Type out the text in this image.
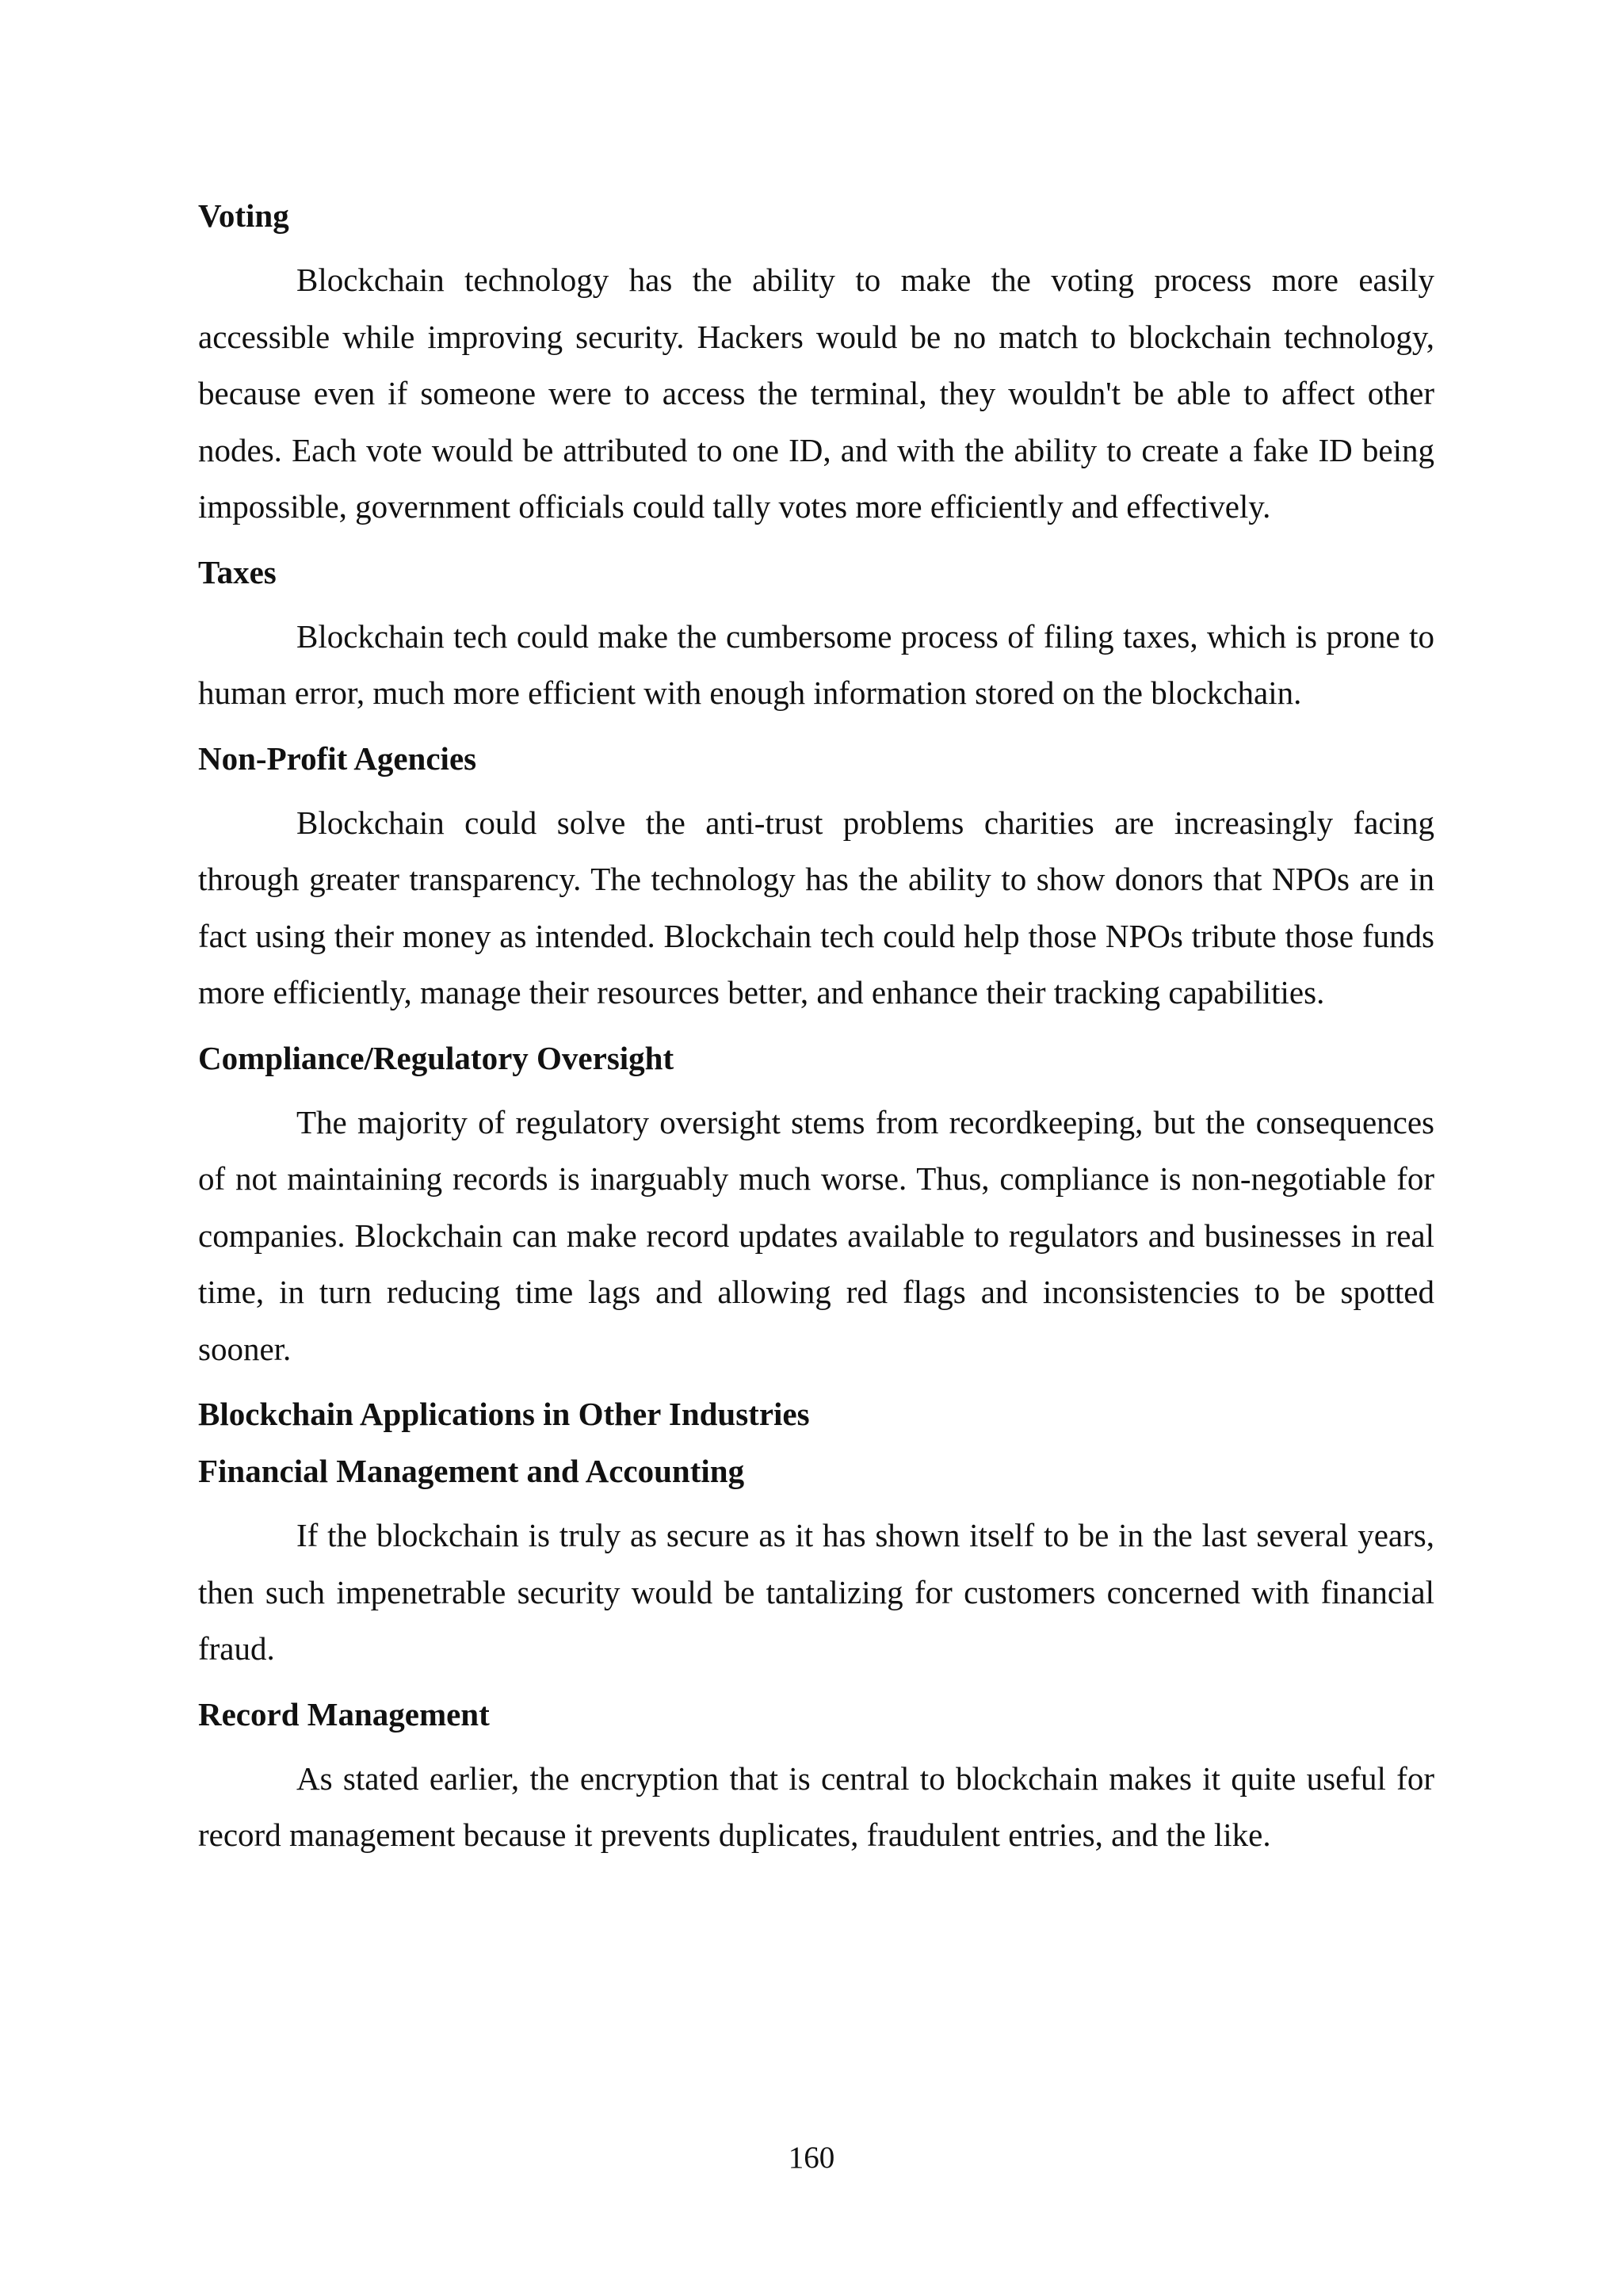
Voting

Blockchain technology has the ability to make the voting process more easily accessible while improving security. Hackers would be no match to blockchain technology, because even if someone were to access the terminal, they wouldn't be able to affect other nodes. Each vote would be attributed to one ID, and with the ability to create a fake ID being impossible, government officials could tally votes more efficiently and effectively.

Taxes

Blockchain tech could make the cumbersome process of filing taxes, which is prone to human error, much more efficient with enough information stored on the blockchain.

Non-Profit Agencies

Blockchain could solve the anti-trust problems charities are increasingly facing through greater transparency. The technology has the ability to show donors that NPOs are in fact using their money as intended. Blockchain tech could help those NPOs tribute those funds more efficiently, manage their resources better, and enhance their tracking capabilities.

Compliance/Regulatory Oversight

The majority of regulatory oversight stems from recordkeeping, but the consequences of not maintaining records is inarguably much worse. Thus, compliance is non-negotiable for companies. Blockchain can make record updates available to regulators and businesses in real time, in turn reducing time lags and allowing red flags and inconsistencies to be spotted sooner.

Blockchain Applications in Other Industries
Financial Management and Accounting

If the blockchain is truly as secure as it has shown itself to be in the last several years, then such impenetrable security would be tantalizing for customers concerned with financial fraud.

Record Management

As stated earlier, the encryption that is central to blockchain makes it quite useful for record management because it prevents duplicates, fraudulent entries, and the like.

160
